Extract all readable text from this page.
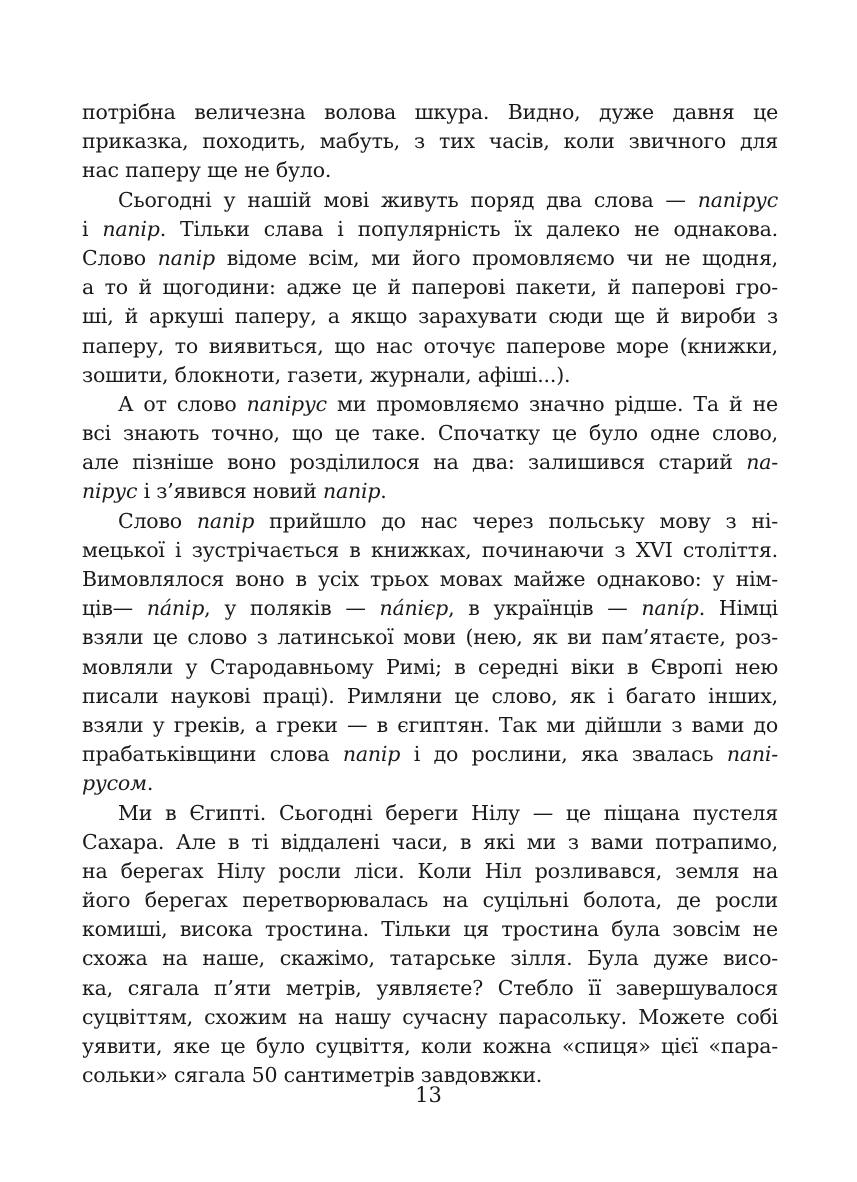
потрібна величезна волова шкура. Видно, дуже давня це
приказка, походить, мабуть, з тих часів, коли звичного для
нас паперу ще не було.
Сьогодні у нашій мові живуть поряд два слова — папірус
і папір. Тільки слава і популярність їх далеко не однакова.
Слово папір відоме всім, ми його промовляємо чи не щодня,
а то й щогодини: адже це й паперові пакети, й паперові гро-
ші, й аркуші паперу, а якщо зарахувати сюди ще й вироби з
паперу, то виявиться, що нас оточує паперове море (книжки,
зошити, блокноти, газети, журнали, афіші...).
А от слово папірус ми промовляємо значно рідше. Та й не
всі знають точно, що це таке. Спочатку це було одне слово,
але пізніше воно розділилося на два: залишився старий па-
пірус і з’явився новий папір.
Слово папір прийшло до нас через польську мову з ні-
мецької і зустрічається в книжках, починаючи з XVI століття.
Вимовлялося воно в усіх трьох мовах майже однаково: у нім-
ців— па́пір, у поляків — па́пієр, в українців — папі́р. Німці
взяли це слово з латинської мови (нею, як ви пам’ятаєте, роз-
мовляли у Стародавньому Римі; в середні віки в Європі нею
писали наукові праці). Римляни це слово, як і багато інших,
взяли у греків, а греки — в єгиптян. Так ми дійшли з вами до
прабатьківщини слова папір і до рослини, яка звалась папі-
русом.
Ми в Єгипті. Сьогодні береги Нілу — це піщана пустеля
Сахара. Але в ті віддалені часи, в які ми з вами потрапимо,
на берегах Нілу росли ліси. Коли Ніл розливався, земля на
його берегах перетворювалась на суцільні болота, де росли
комиші, висока тростина. Тільки ця тростина була зовсім не
схожа на наше, скажімо, татарське зілля. Була дуже висо-
ка, сягала п’яти метрів, уявляєте? Стебло її завершувалося
суцвіттям, схожим на нашу сучасну парасольку. Можете собі
уявити, яке це було суцвіття, коли кожна «спиця» цієї «пара-
сольки» сягала 50 сантиметрів завдовжки.
13
